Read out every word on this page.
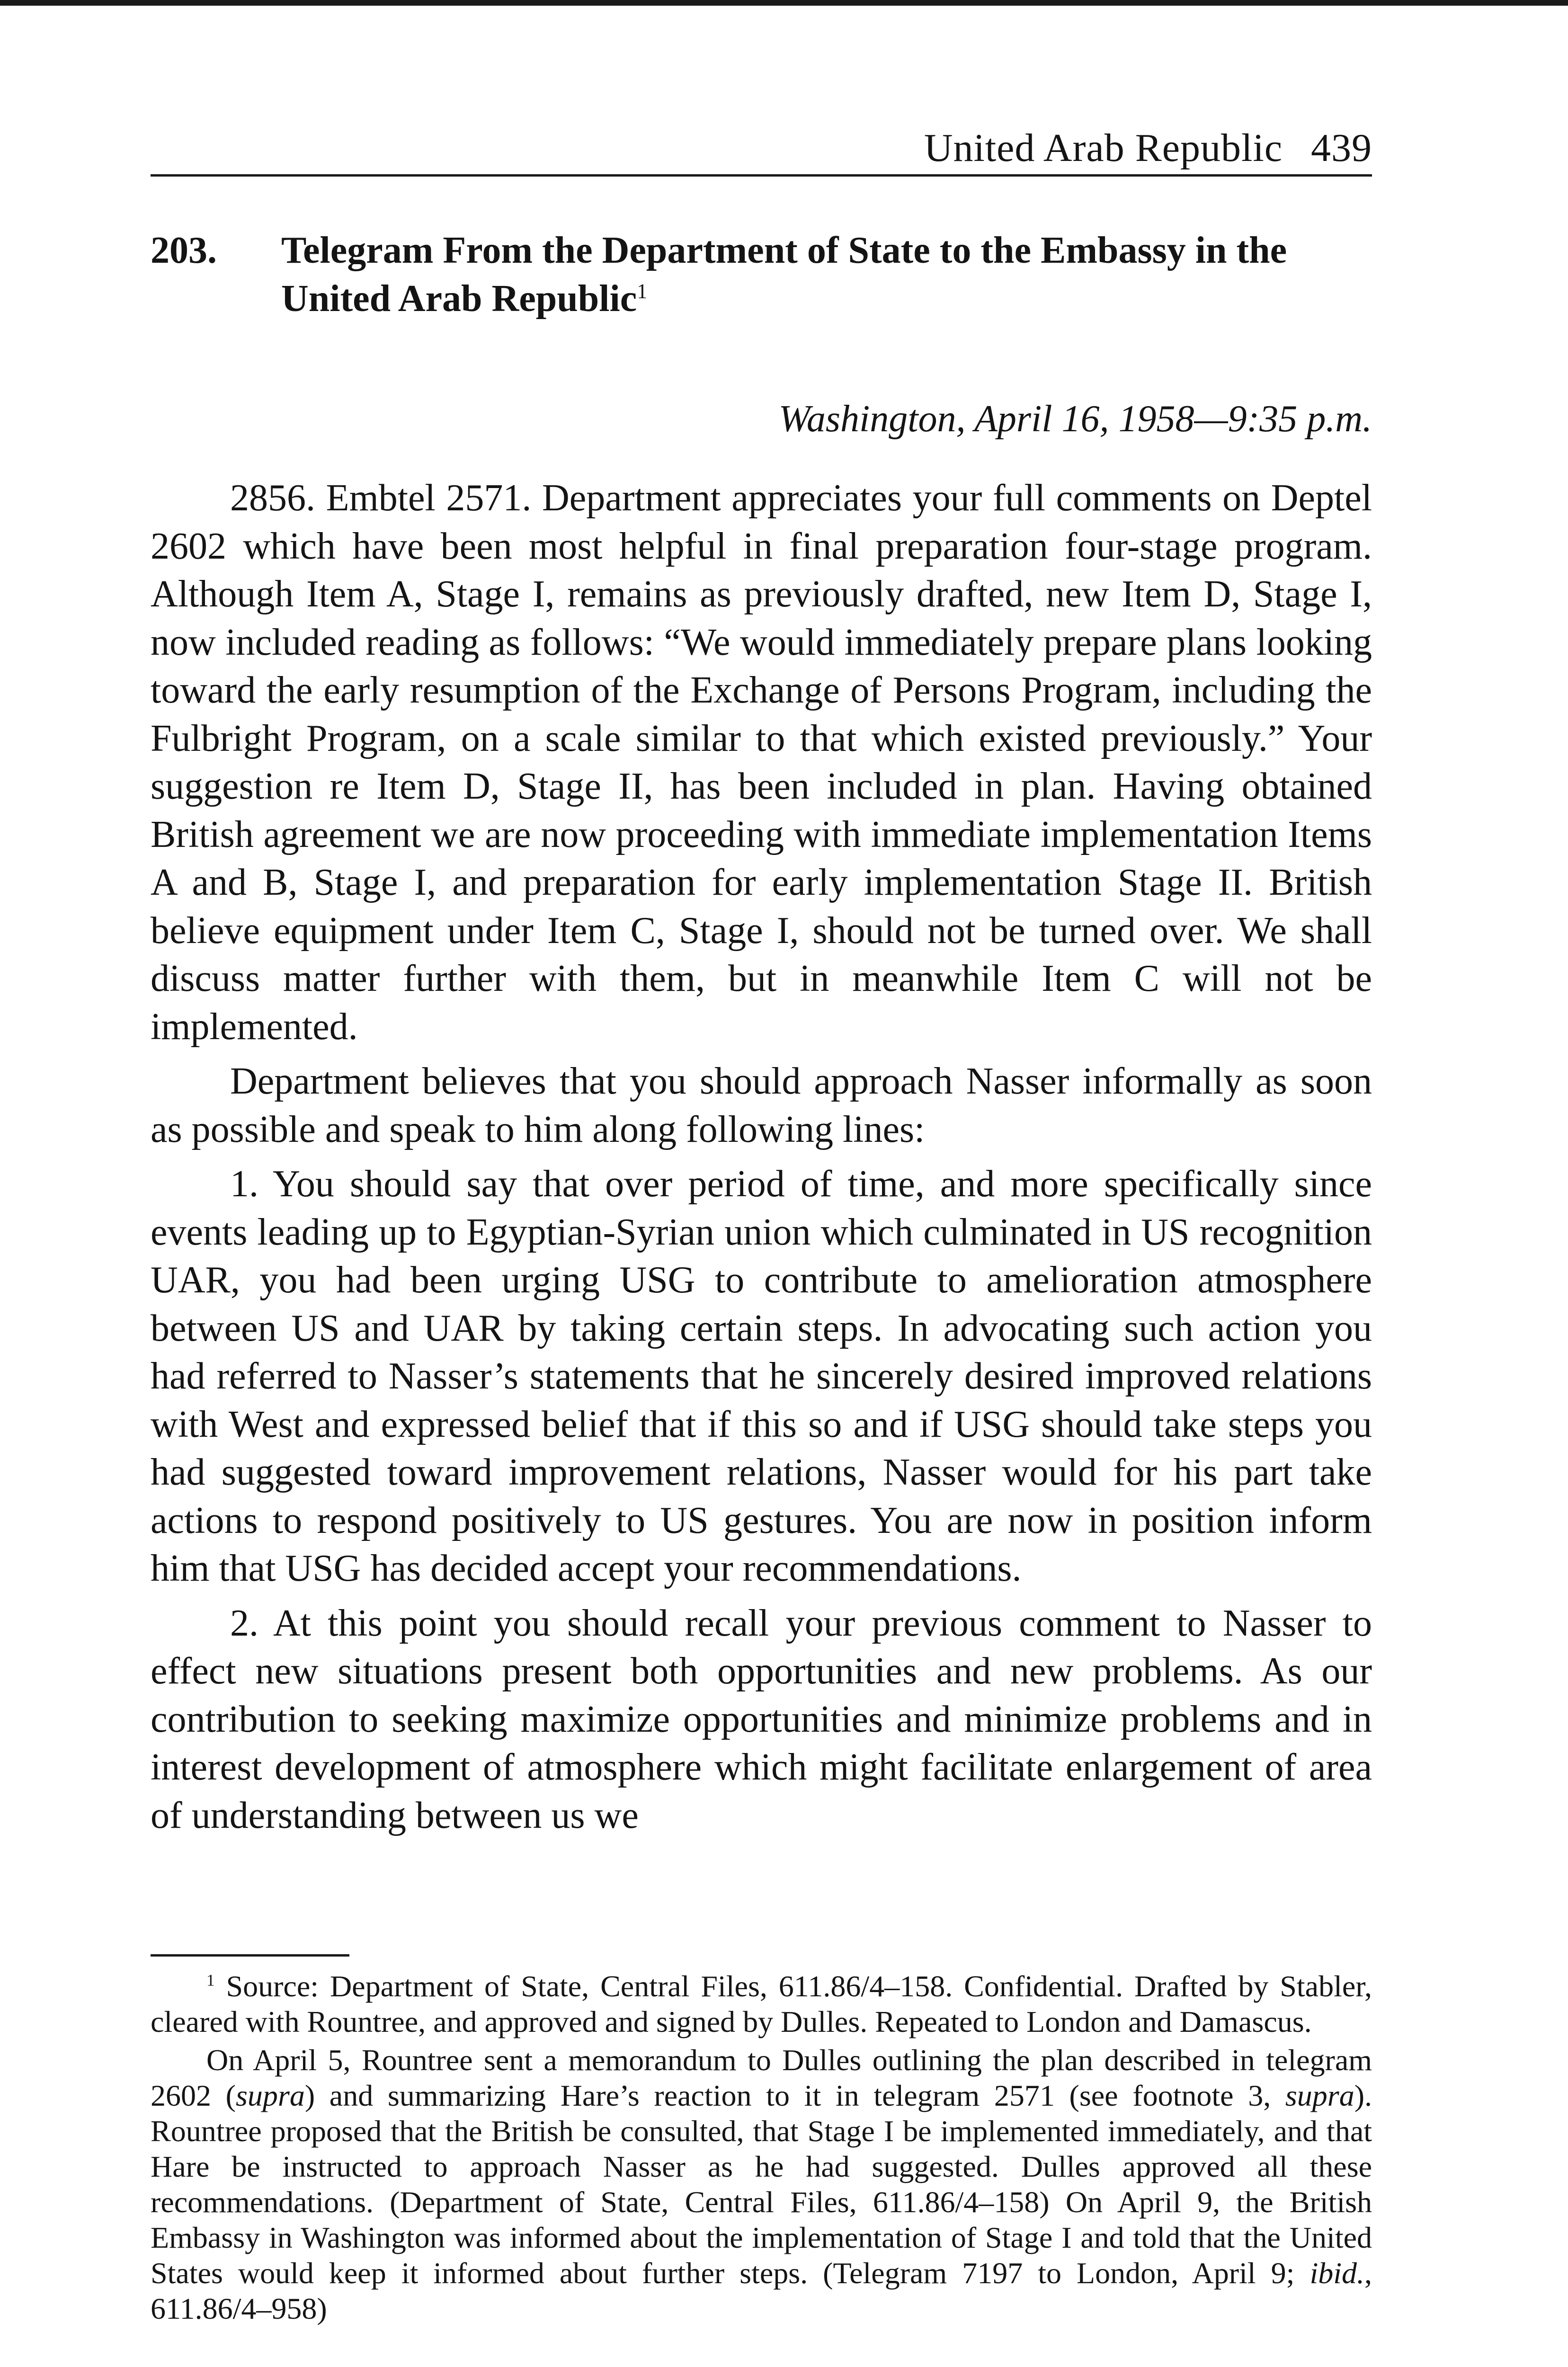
United Arab Republic 439
203. Telegram From the Department of State to the Embassy in the United Arab Republic$^1$
Washington, April 16, 1958—9:35 p.m.

2856. Embtel 2571. Department appreciates your full comments on Deptel 2602 which have been most helpful in final preparation four-stage program. Although Item A, Stage I, remains as previously drafted, new Item D, Stage I, now included reading as follows: “We would immediately prepare plans looking toward the early resumption of the Exchange of Persons Program, including the Fulbright Program, on a scale similar to that which existed previously.” Your suggestion re Item D, Stage II, has been included in plan. Having obtained British agreement we are now proceeding with immediate implementation Items A and B, Stage I, and preparation for early implementation Stage II. British believe equipment under Item C, Stage I, should not be turned over. We shall discuss matter further with them, but in meanwhile Item C will not be implemented.

Department believes that you should approach Nasser informally as soon as possible and speak to him along following lines:

1. You should say that over period of time, and more specifically since events leading up to Egyptian-Syrian union which culminated in US recognition UAR, you had been urging USG to contribute to amelioration atmosphere between US and UAR by taking certain steps. In advocating such action you had referred to Nasser’s statements that he sincerely desired improved relations with West and expressed belief that if this so and if USG should take steps you had suggested toward improvement relations, Nasser would for his part take actions to respond positively to US gestures. You are now in position inform him that USG has decided accept your recommendations.

2. At this point you should recall your previous comment to Nasser to effect new situations present both opportunities and new problems. As our contribution to seeking maximize opportunities and minimize problems and in interest development of atmosphere which might facilitate enlargement of area of understanding between us we

$^1$ Source: Department of State, Central Files, 611.86/4–158. Confidential. Drafted by Stabler, cleared with Rountree, and approved and signed by Dulles. Repeated to London and Damascus.

On April 5, Rountree sent a memorandum to Dulles outlining the plan described in telegram 2602 (supra) and summarizing Hare’s reaction to it in telegram 2571 (see footnote 3, supra). Rountree proposed that the British be consulted, that Stage I be implemented immediately, and that Hare be instructed to approach Nasser as he had suggested. Dulles approved all these recommendations. (Department of State, Central Files, 611.86/4–158) On April 9, the British Embassy in Washington was informed about the implementation of Stage I and told that the United States would keep it informed about further steps. (Telegram 7197 to London, April 9; ibid., 611.86/4–958)
